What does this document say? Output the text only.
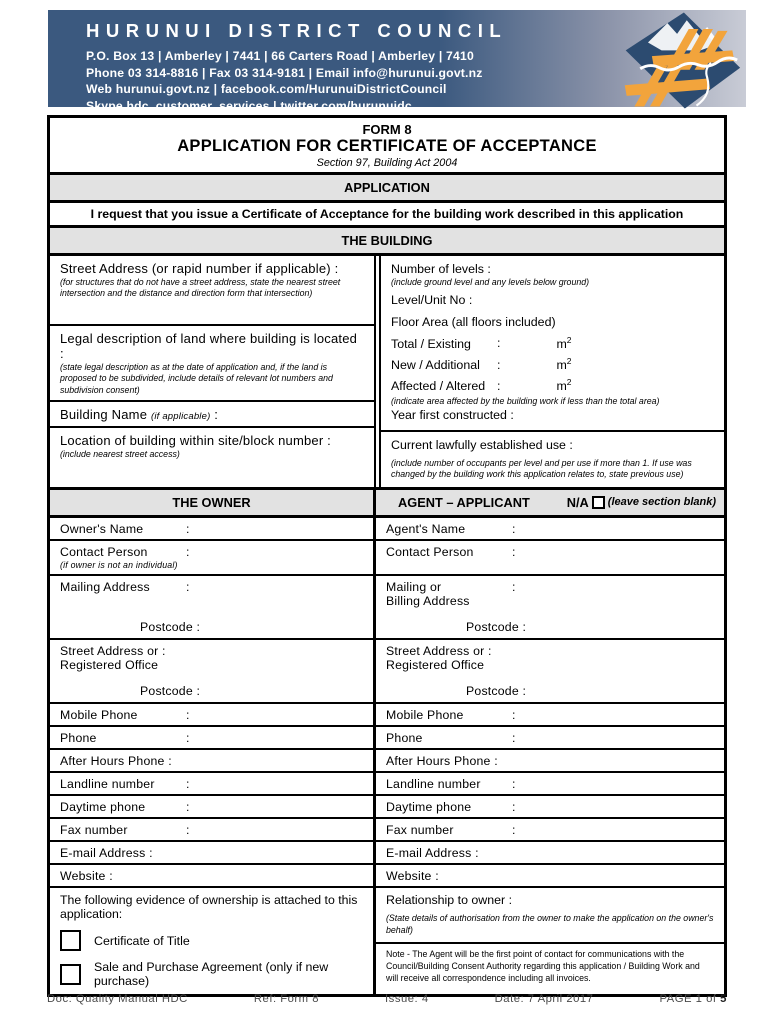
HURUNUI DISTRICT COUNCIL
P.O. Box 13 | Amberley | 7441 | 66 Carters Road | Amberley | 7410
Phone 03 314-8816 | Fax 03 314-9181 | Email info@hurunui.govt.nz
Web hurunui.govt.nz | facebook.com/HurunuiDistrictCouncil
Skype hdc_customer_services | twitter.com/hurunuidc
FORM 8
APPLICATION FOR CERTIFICATE OF ACCEPTANCE
Section 97, Building Act 2004
APPLICATION
I request that you issue a Certificate of Acceptance for the building work described in this application
THE BUILDING
Street Address (or rapid number if applicable) :
(for structures that do not have a street address, state the nearest street intersection and the distance and direction form that intersection)
Legal description of land where building is located :
(state legal description as at the date of application and, if the land is proposed to be subdivided, include details of relevant lot numbers and subdivision consent)
Building Name (if applicable) :
Location of building within site/block number :
(include nearest street access)
Number of levels :
(include ground level and any levels below ground)
Level/Unit No :
Floor Area (all floors included)
Total / Existing :	$m^2$
New / Additional :	$m^2$
Affected / Altered :	$m^2$
(indicate area affected by the building work if less than the total area)
Year first constructed :
Current lawfully established use :
(include number of occupants per level and per use if more than 1. If use was changed by the building work this application relates to, state previous use)
THE OWNER	AGENT – APPLICANT	N/A (leave section blank)
Owner's Name	:	Agent's Name	:
Contact Person	:
(if owner is not an individual)
Contact Person	:
Mailing Address	:
Postcode :
Mailing or	:
Billing Address
Postcode :
Street Address or :
Registered Office
Postcode :
Street Address or :
Registered Office
Postcode :
Mobile Phone	:	Mobile Phone	:
Phone	:	Phone	:
After Hours Phone :	After Hours Phone :
Landline number	:	Landline number	:
Daytime phone	:	Daytime phone	:
Fax number	:	Fax number	:
E-mail Address :	E-mail Address :
Website :	Website :
The following evidence of ownership is attached to this application:
Certificate of Title
Sale and Purchase Agreement (only if new purchase)
Relationship to owner :
(State details of authorisation from the owner to make the application on the owner's behalf)
Note - The Agent will be the first point of contact for communications with the Council/Building Consent Authority regarding this application / Building Work and will receive all correspondence including all invoices.
Doc: Quality Manual HDC	Ref: Form 8	Issue: 4	Date: 7 April 2017	PAGE 1 of 5
